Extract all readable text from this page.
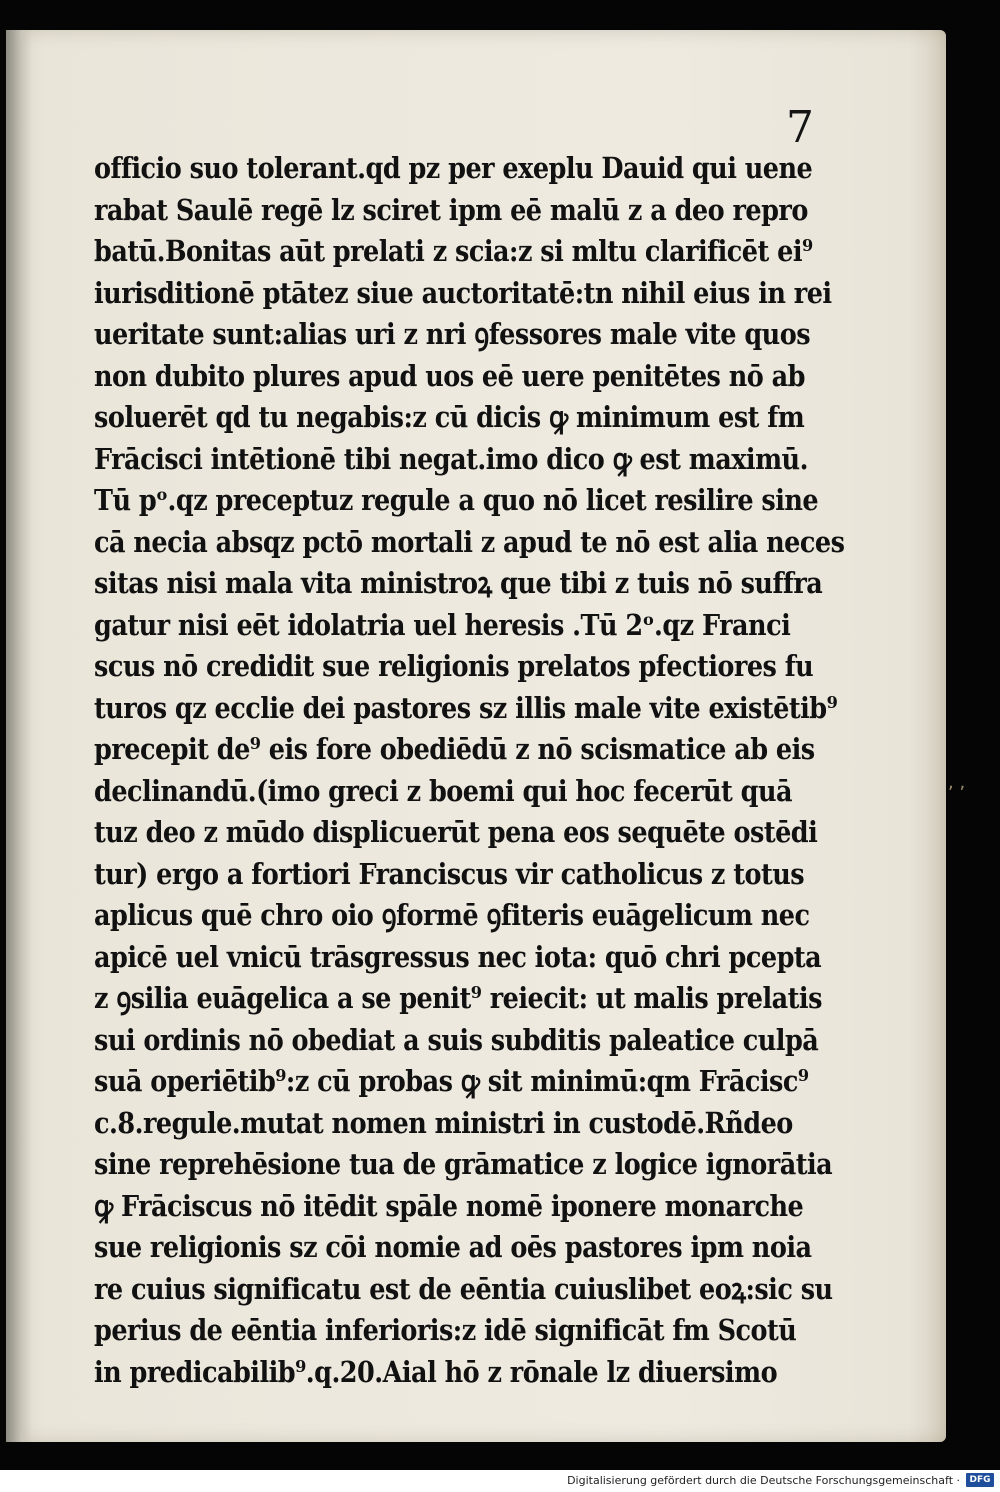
7
officio suo tolerant.qd pz per exeplu Dauid qui uene
rabat Saulē regē lz sciret ipm eē malū z a deo repro
batū.Bonitas aūt prelati z scia:z si mltu clarificēt ei⁹
iurisditionē ptātez siue auctoritatē:tn nihil eius in rei
ueritate sunt:alias uri z nri ꝯfessores male vite quos
non dubito plures apud uos eē uere penitētes nō ab
soluerēt qd tu negabis:z cū dicis ꝙ minimum est fm
Frācisci intētionē tibi negat.imo dico ꝙ est maximū.
Tū pᵒ.qz preceptuz regule a quo nō licet resilire sine
cā necia absqz pctō mortali z apud te nō est alia neces
sitas nisi mala vita ministroꝝ que tibi z tuis nō suffra
gatur nisi eēt idolatria uel heresis .Tū 2ᵒ.qz Franci
scus nō credidit sue religionis prelatos pfectiores fu
turos qz ecclie dei pastores sz illis male vite existētib⁹
precepit de⁹ eis fore obediēdū z nō scismatice ab eis
declinandū.(imo greci z boemi qui hoc fecerūt quā
tuz deo z mūdo displicuerūt pena eos sequēte ostēdi
tur) ergo a fortiori Franciscus vir catholicus z totus
aplicus quē chro oio ꝯformē ꝯfiteris euāgelicum nec
apicē uel vnicū trāsgressus nec iota: quō chri pcepta
z ꝯsilia euāgelica a se penit⁹ reiecit: ut malis prelatis
sui ordinis nō obediat a suis subditis paleatice culpā
suā operiētib⁹:z cū probas ꝙ sit minimū:qm Frācisc⁹
c.8.regule.mutat nomen ministri in custodē.Rñdeo
sine reprehēsione tua de grāmatice z logice ignorātia
ꝙ Frāciscus nō itēdit spāle nomē iponere monarche
sue religionis sz cōi nomie ad oēs pastores ipm noia
re cuius significatu est de eēntia cuiuslibet eoꝝ:sic su
perius de eēntia inferioris:z idē significāt fm Scotū
in predicabilib⁹.q.20.Aial hō z rōnale lz diuersimo
, ,
Digitalisierung gefördert durch die Deutsche Forschungsgemeinschaft ·	DFG
